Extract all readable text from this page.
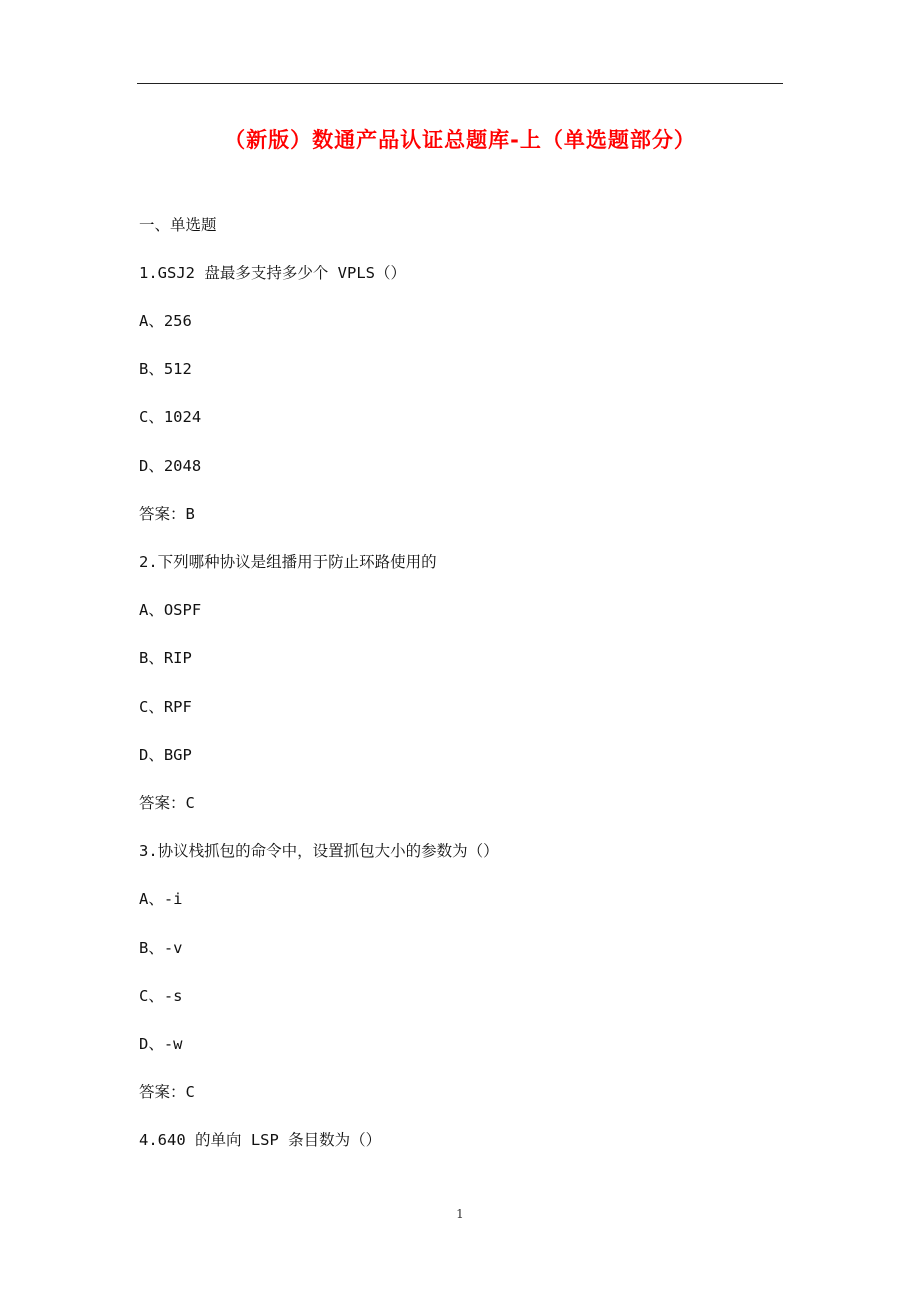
（新版）数通产品认证总题库-上（单选题部分）
一、单选题
1.GSJ2 盘最多支持多少个 VPLS（）
A、256
B、512
C、1024
D、2048
答案：B
2.下列哪种协议是组播用于防止环路使用的
A、OSPF
B、RIP
C、RPF
D、BGP
答案：C
3.协议栈抓包的命令中，设置抓包大小的参数为（）
A、-i
B、-v
C、-s
D、-w
答案：C
4.640 的单向 LSP 条目数为（）
1
